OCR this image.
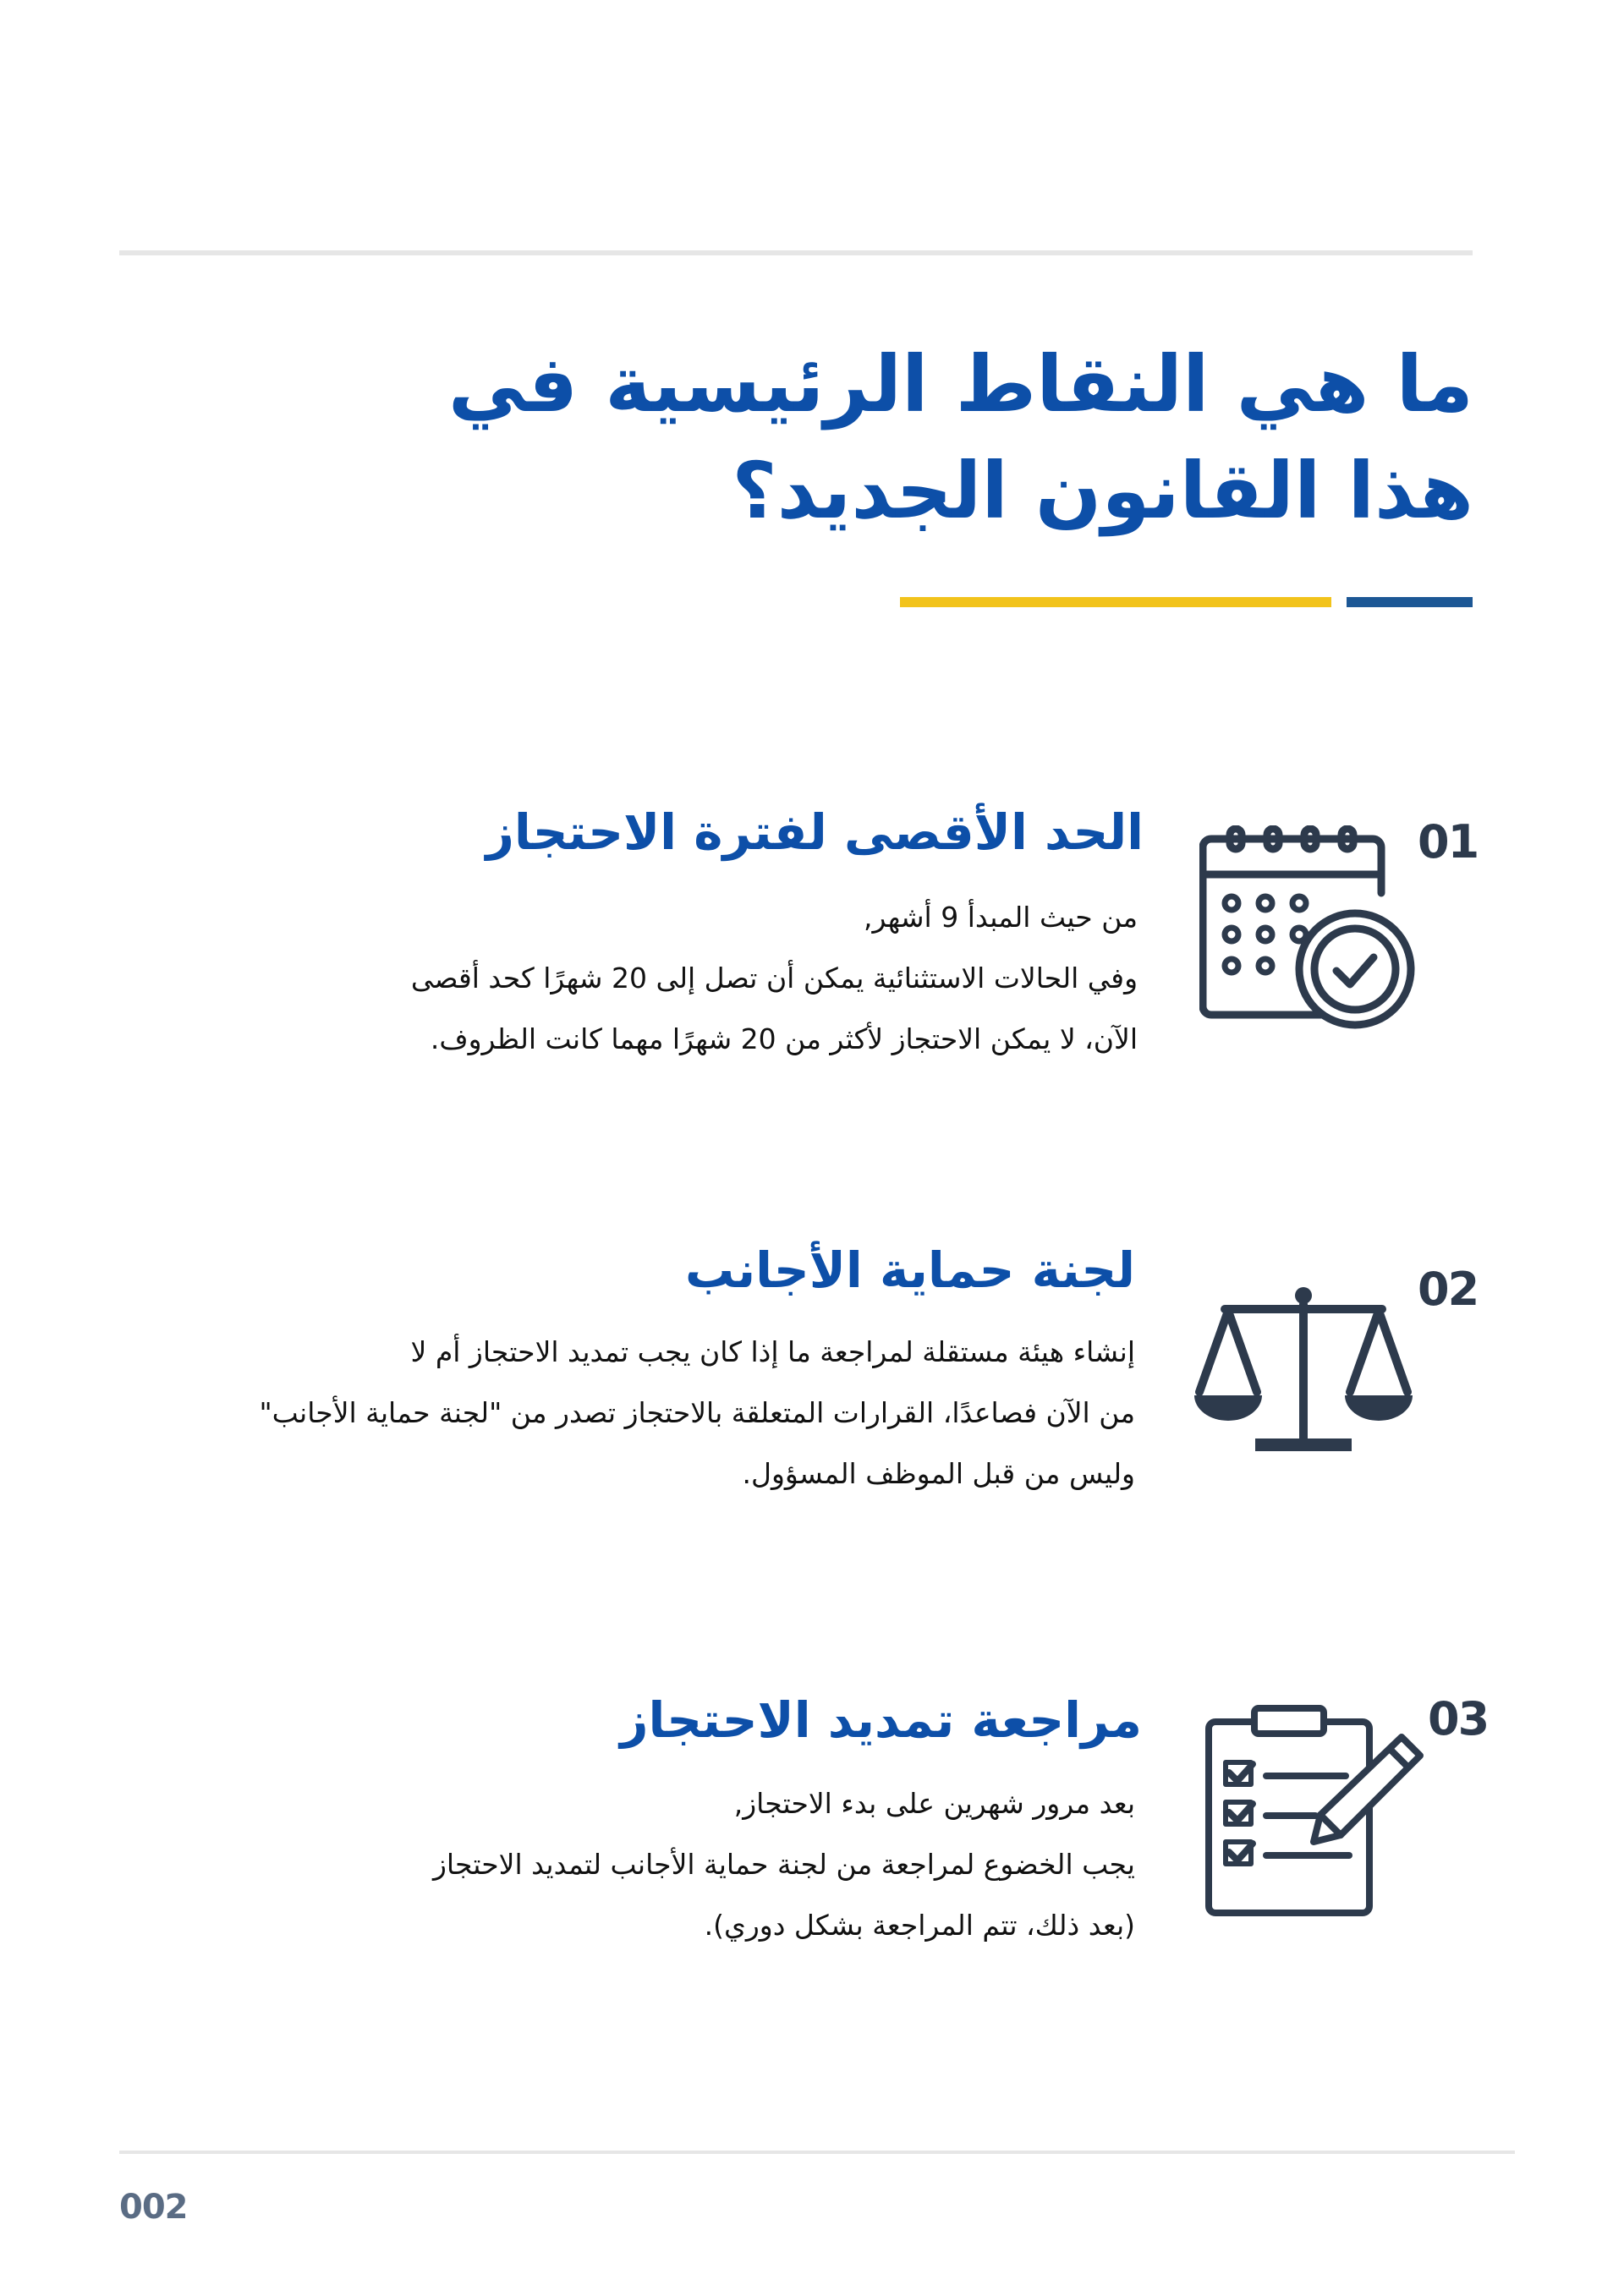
ما هي النقاط الرئيسية في
هذا القانون الجديد؟
01
الحد الأقصى لفترة الاحتجاز
من حيث المبدأ 9 أشهر,
وفي الحالات الاستثنائية يمكن أن تصل إلى 20 شهرًا كحد أقصى
الآن، لا يمكن الاحتجاز لأكثر من 20 شهرًا مهما كانت الظروف.
02
لجنة حماية الأجانب
إنشاء هيئة مستقلة لمراجعة ما إذا كان يجب تمديد الاحتجاز أم لا
من الآن فصاعدًا، القرارات المتعلقة بالاحتجاز تصدر من "لجنة حماية الأجانب"
وليس من قبل الموظف المسؤول.
03
مراجعة تمديد الاحتجاز
بعد مرور شهرين على بدء الاحتجاز,
يجب الخضوع لمراجعة من لجنة حماية الأجانب لتمديد الاحتجاز
(بعد ذلك، تتم المراجعة بشكل دوري).
002
